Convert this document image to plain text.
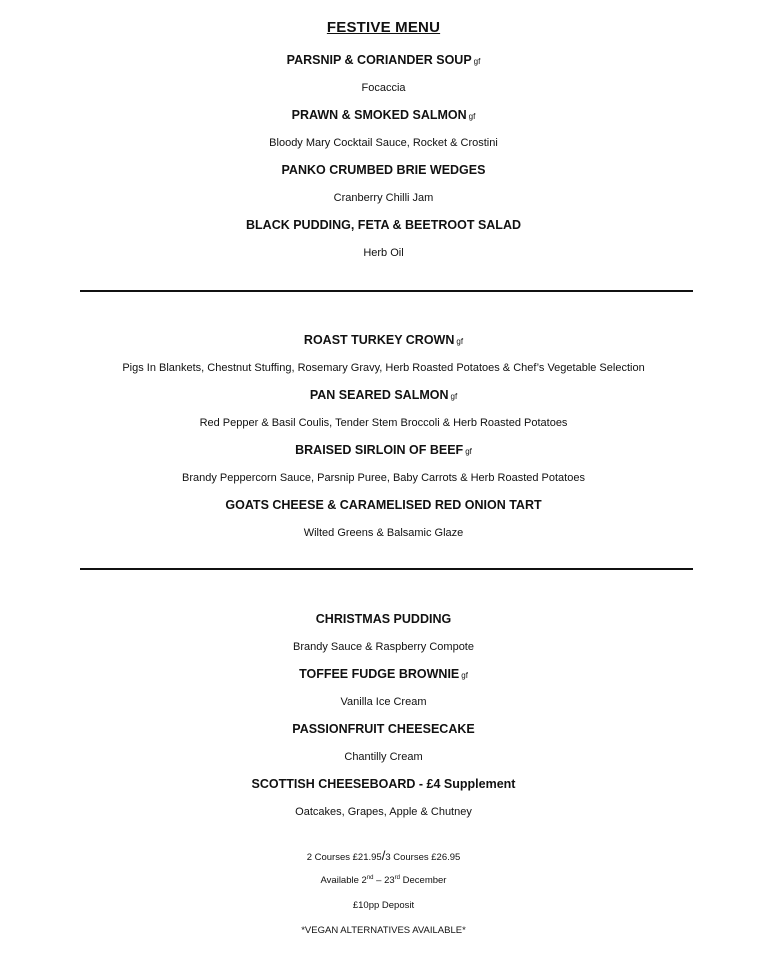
FESTIVE MENU
PARSNIP & CORIANDER SOUP gf
Focaccia
PRAWN & SMOKED SALMON gf
Bloody Mary Cocktail Sauce, Rocket & Crostini
PANKO CRUMBED BRIE WEDGES
Cranberry Chilli Jam
BLACK PUDDING, FETA & BEETROOT SALAD
Herb Oil
ROAST TURKEY CROWN gf
Pigs In Blankets, Chestnut Stuffing, Rosemary Gravy, Herb Roasted Potatoes & Chef’s Vegetable Selection
PAN SEARED SALMON gf
Red Pepper & Basil Coulis, Tender Stem Broccoli & Herb Roasted Potatoes
BRAISED SIRLOIN OF BEEF gf
Brandy Peppercorn Sauce, Parsnip Puree, Baby Carrots & Herb Roasted Potatoes
GOATS CHEESE & CARAMELISED RED ONION TART
Wilted Greens & Balsamic Glaze
CHRISTMAS PUDDING
Brandy Sauce & Raspberry Compote
TOFFEE FUDGE BROWNIE gf
Vanilla Ice Cream
PASSIONFRUIT CHEESECAKE
Chantilly Cream
SCOTTISH CHEESEBOARD - £4 Supplement
Oatcakes, Grapes, Apple & Chutney
2 Courses £21.95/3 Courses £26.95
Available 2nd – 23rd December
£10pp Deposit
*VEGAN ALTERNATIVES AVAILABLE*
